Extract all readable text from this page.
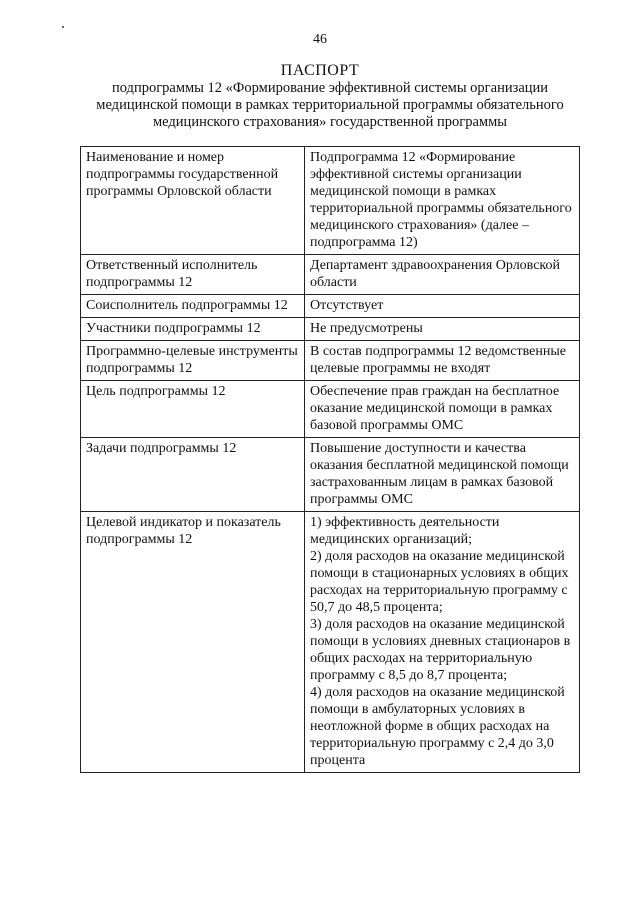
46
ПАСПОРТ
подпрограммы 12 «Формирование эффективной системы организации
медицинской помощи в рамках территориальной программы обязательного
медицинского страхования» государственной программы
Наименование и номер подпрограммы государственной программы Орловской области	Подпрограмма 12 «Формирование эффективной системы организации медицинской помощи в рамках территориальной программы обязательного медицинского страхования» (далее – подпрограмма 12)

Ответственный исполнитель подпрограммы 12	Департамент здравоохранения Орловской области

Соисполнитель подпрограммы 12	Отсутствует

Участники подпрограммы 12	Не предусмотрены

Программно-целевые инструменты подпрограммы 12	В состав подпрограммы 12 ведомственные целевые программы не входят

Цель подпрограммы 12	Обеспечение прав граждан на бесплатное оказание медицинской помощи в рамках базовой программы ОМС

Задачи подпрограммы 12	Повышение доступности и качества оказания бесплатной медицинской помощи застрахованным лицам в рамках базовой программы ОМС

Целевой индикатор и показатель подпрограммы 12	1) эффективность деятельности медицинских организаций;
2) доля расходов на оказание медицинской помощи в стационарных условиях в общих расходах на территориальную программу с 50,7 до 48,5 процента;
3) доля расходов на оказание медицинской помощи в условиях дневных стационаров в общих расходах на территориальную
программу с 8,5 до 8,7 процента;
4) доля расходов на оказание медицинской помощи в амбулаторных условиях в неотложной форме в общих расходах на территориальную программу с 2,4 до 3,0 процента
